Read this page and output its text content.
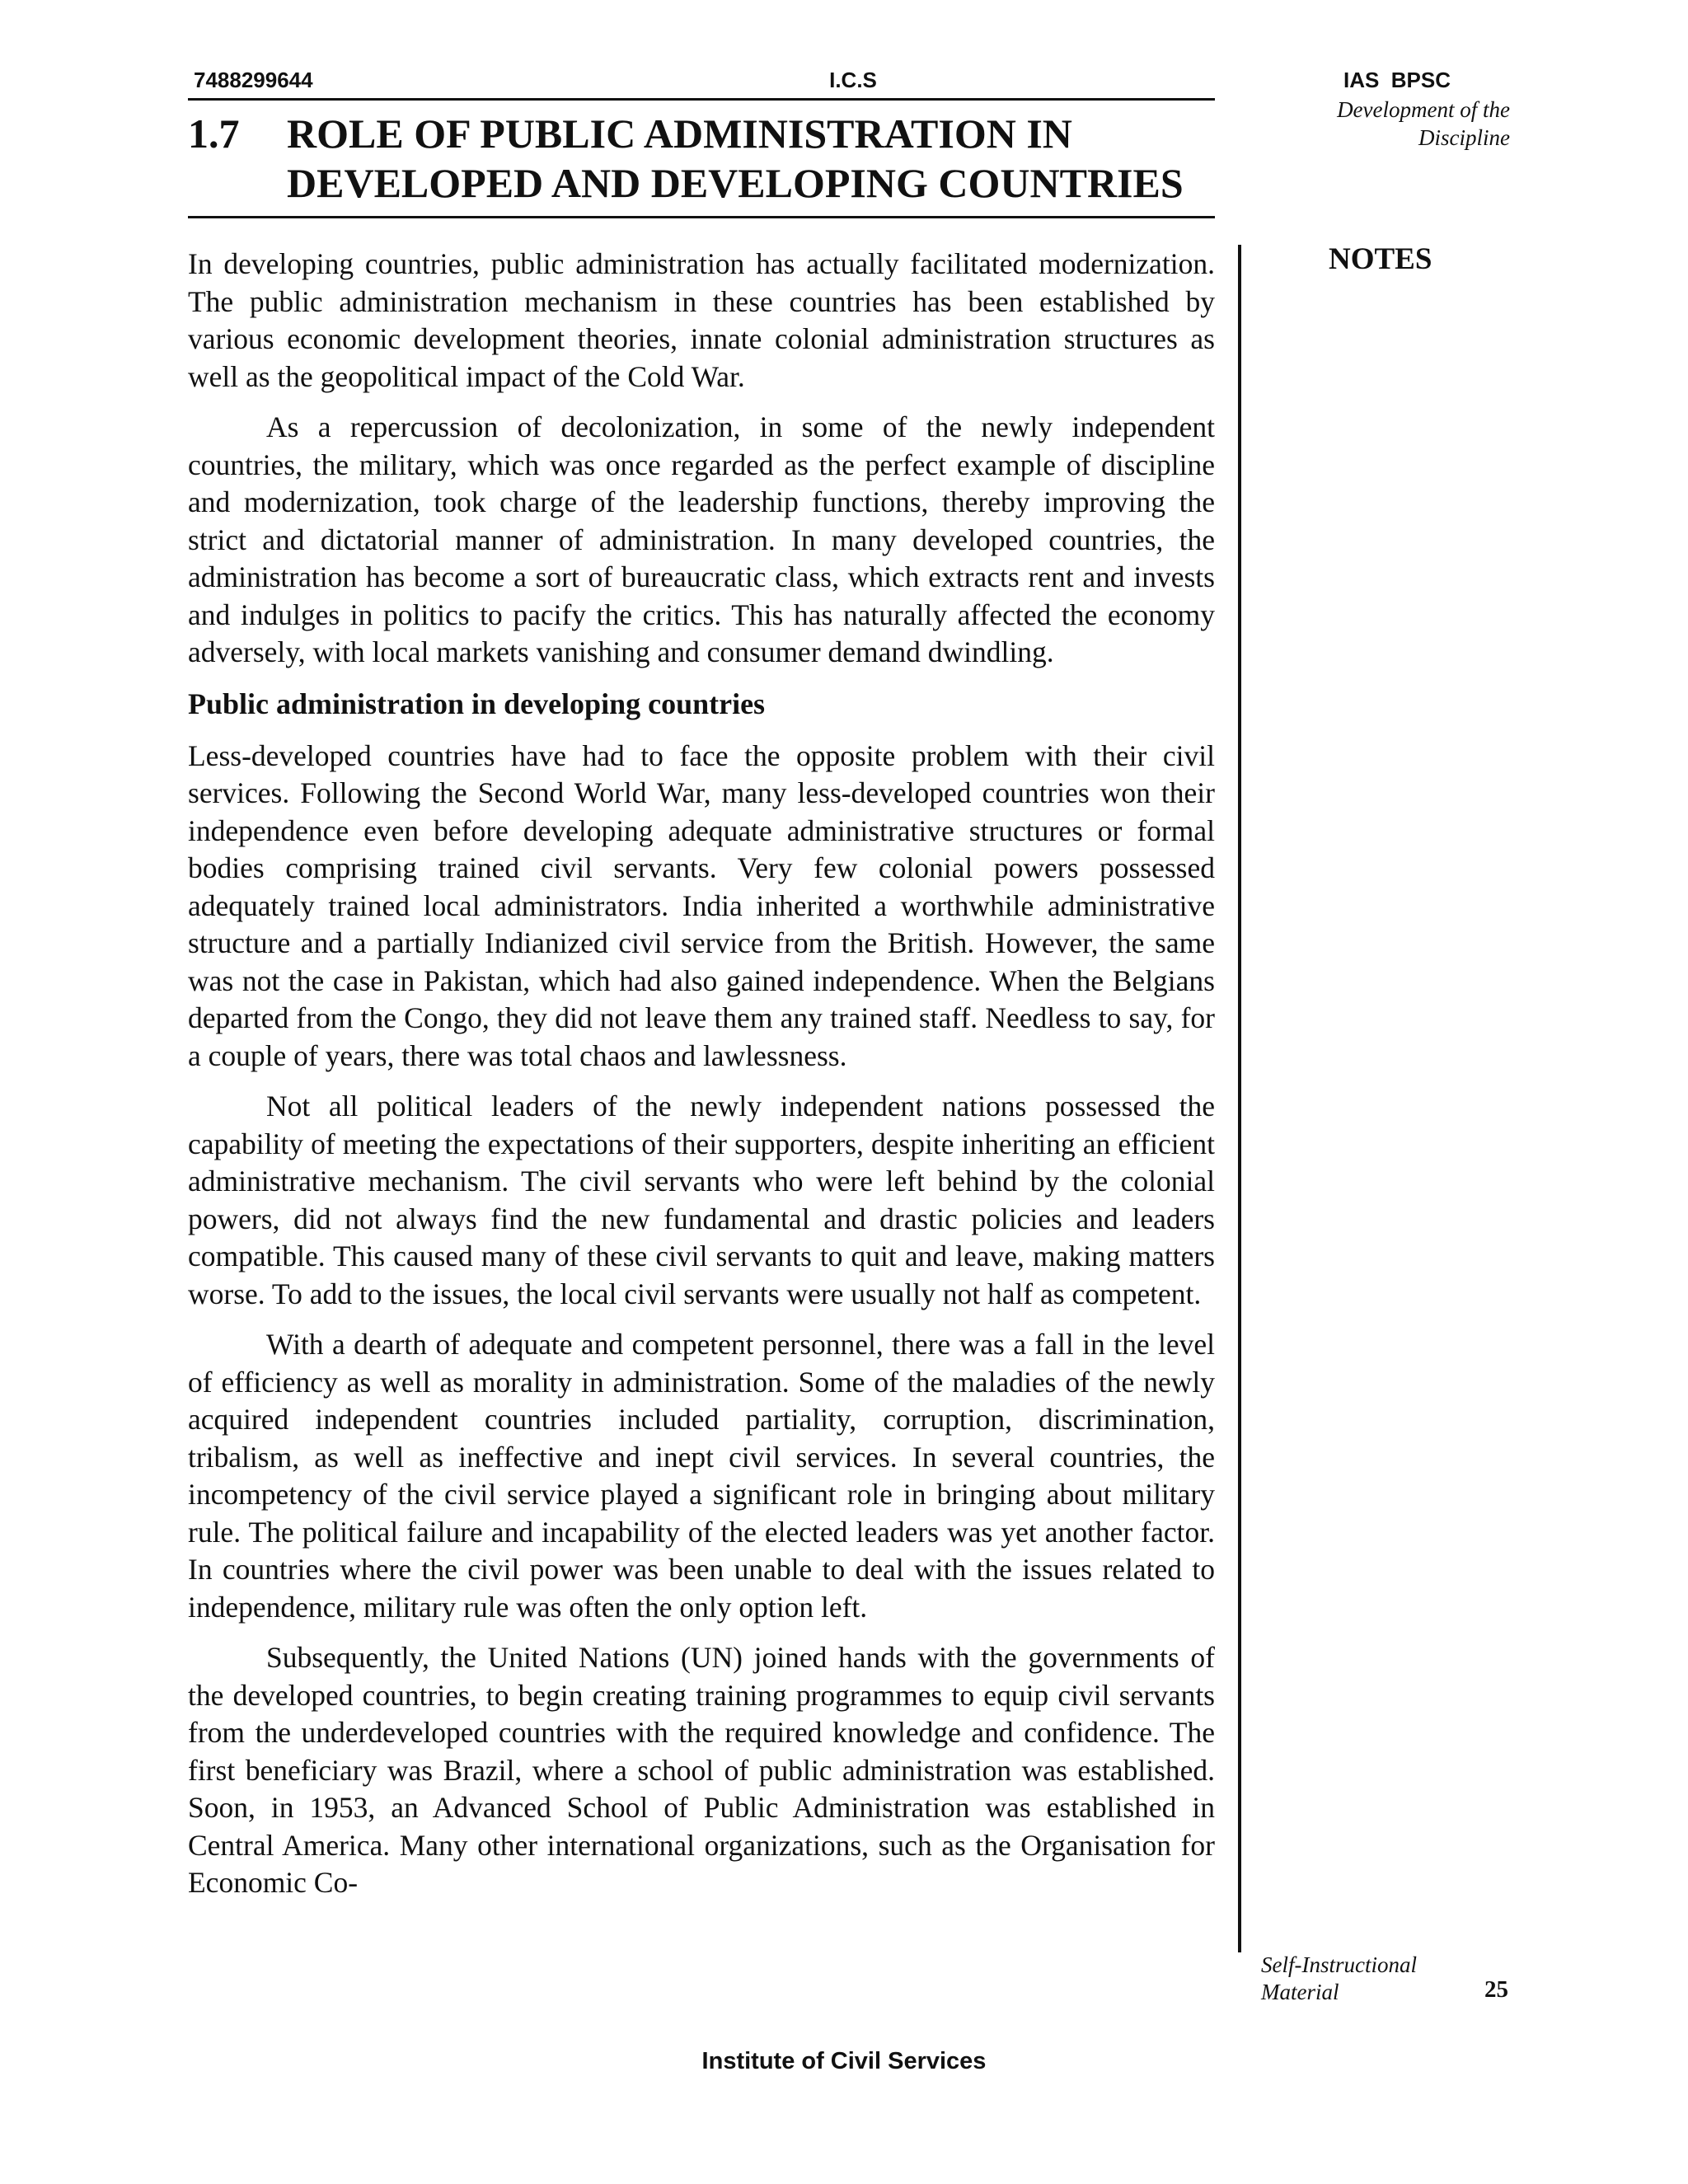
7488299644	I.C.S	IAS  BPSC
1.7 ROLE OF PUBLIC ADMINISTRATION IN
DEVELOPED AND DEVELOPING COUNTRIES
Development of the
Discipline
NOTES

In developing countries, public administration has actually facilitated modernization. The public administration mechanism in these countries has been established by various economic development theories, innate colonial administration structures as well as the geopolitical impact of the Cold War.

As a repercussion of decolonization, in some of the newly independent countries, the military, which was once regarded as the perfect example of discipline and modernization, took charge of the leadership functions, thereby improving the strict and dictatorial manner of administration. In many developed countries, the administration has become a sort of bureaucratic class, which extracts rent and invests and indulges in politics to pacify the critics. This has naturally affected the economy adversely, with local markets vanishing and consumer demand dwindling.

Public administration in developing countries

Less-developed countries have had to face the opposite problem with their civil services. Following the Second World War, many less-developed countries won their independence even before developing adequate administrative structures or formal bodies comprising trained civil servants. Very few colonial powers possessed adequately trained local administrators. India inherited a worthwhile administrative structure and a partially Indianized civil service from the British. However, the same was not the case in Pakistan, which had also gained independence. When the Belgians departed from the Congo, they did not leave them any trained staff. Needless to say, for a couple of years, there was total chaos and lawlessness.

Not all political leaders of the newly independent nations possessed the capability of meeting the expectations of their supporters, despite inheriting an efficient administrative mechanism. The civil servants who were left behind by the colonial powers, did not always find the new fundamental and drastic policies and leaders compatible. This caused many of these civil servants to quit and leave, making matters worse. To add to the issues, the local civil servants were usually not half as competent.

With a dearth of adequate and competent personnel, there was a fall in the level of efficiency as well as morality in administration. Some of the maladies of the newly acquired independent countries included partiality, corruption, discrimination, tribalism, as well as ineffective and inept civil services. In several countries, the incompetency of the civil service played a significant role in bringing about military rule. The political failure and incapability of the elected leaders was yet another factor. In countries where the civil power was been unable to deal with the issues related to independence, military rule was often the only option left.

Subsequently, the United Nations (UN) joined hands with the governments of the developed countries, to begin creating training programmes to equip civil servants from the underdeveloped countries with the required knowledge and confidence. The first beneficiary was Brazil, where a school of public administration was established. Soon, in 1953, an Advanced School of Public Administration was established in Central America. Many other international organizations, such as the Organisation for Economic Co-

Self-Instructional
Material	25
Institute of Civil Services
